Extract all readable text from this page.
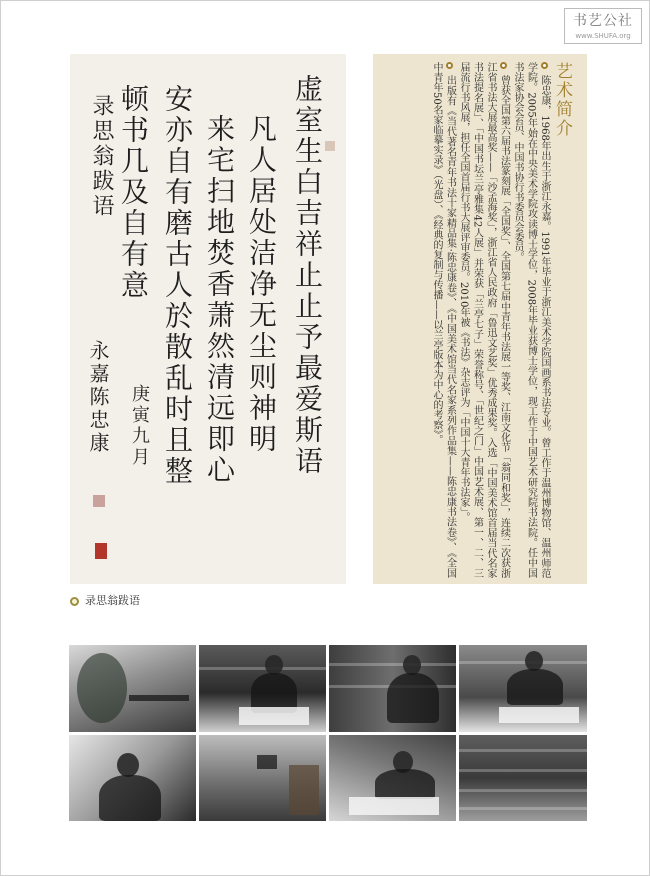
书艺公社
www.SHUFA.org
虚室生白吉祥止止予最爱斯语
凡人居处洁净无尘则神明
来宅扫地焚香萧然清远即心
安亦自有磨古人於散乱时且整
顿书几及自有意
录思翁跋语
永嘉陈忠康 庚寅九月
录思翁跋语
艺术简介

陈忠康，1968年出生于浙江永嘉。1991年毕业于浙江美术学院国画系书法专业。曾工作于温州博物馆、温州师范学院。2005年始在中央美术学院攻读博士学位，2008年毕业获博士学位，现工作于中国艺术研究院书法院。任中国书法家协会会员、中国书协行书委员会委员。

曾获全国第六届书法篆刻展「全国奖」、全国第七届中青年书法展一等奖、江南文化节「翁同和奖」，连续二次获浙江省书法大展最高奖——「沙孟海奖」，浙江省人民政府「鲁迅文艺奖」优秀成果奖。入选「中国美术馆首届当代名家书法提名展」、「中国书坛兰亭雅集42人展」并荣获「兰亭七子」荣誉称号、「世纪之门」中国艺术展、第一、二、三届流行书风展，担任全国首届行书大展评审委员。2010年被《书法》杂志评为「中国十大青年书法家」。

出版有《当代著名青年书法十家精品集·陈忠康卷》、《中国美术馆当代名家系列作品集——陈忠康书法卷》、《全国中青年50名家临摹实录》（光盘）、《经典的复制与传播——以兰亭版本为中心的考察》。
